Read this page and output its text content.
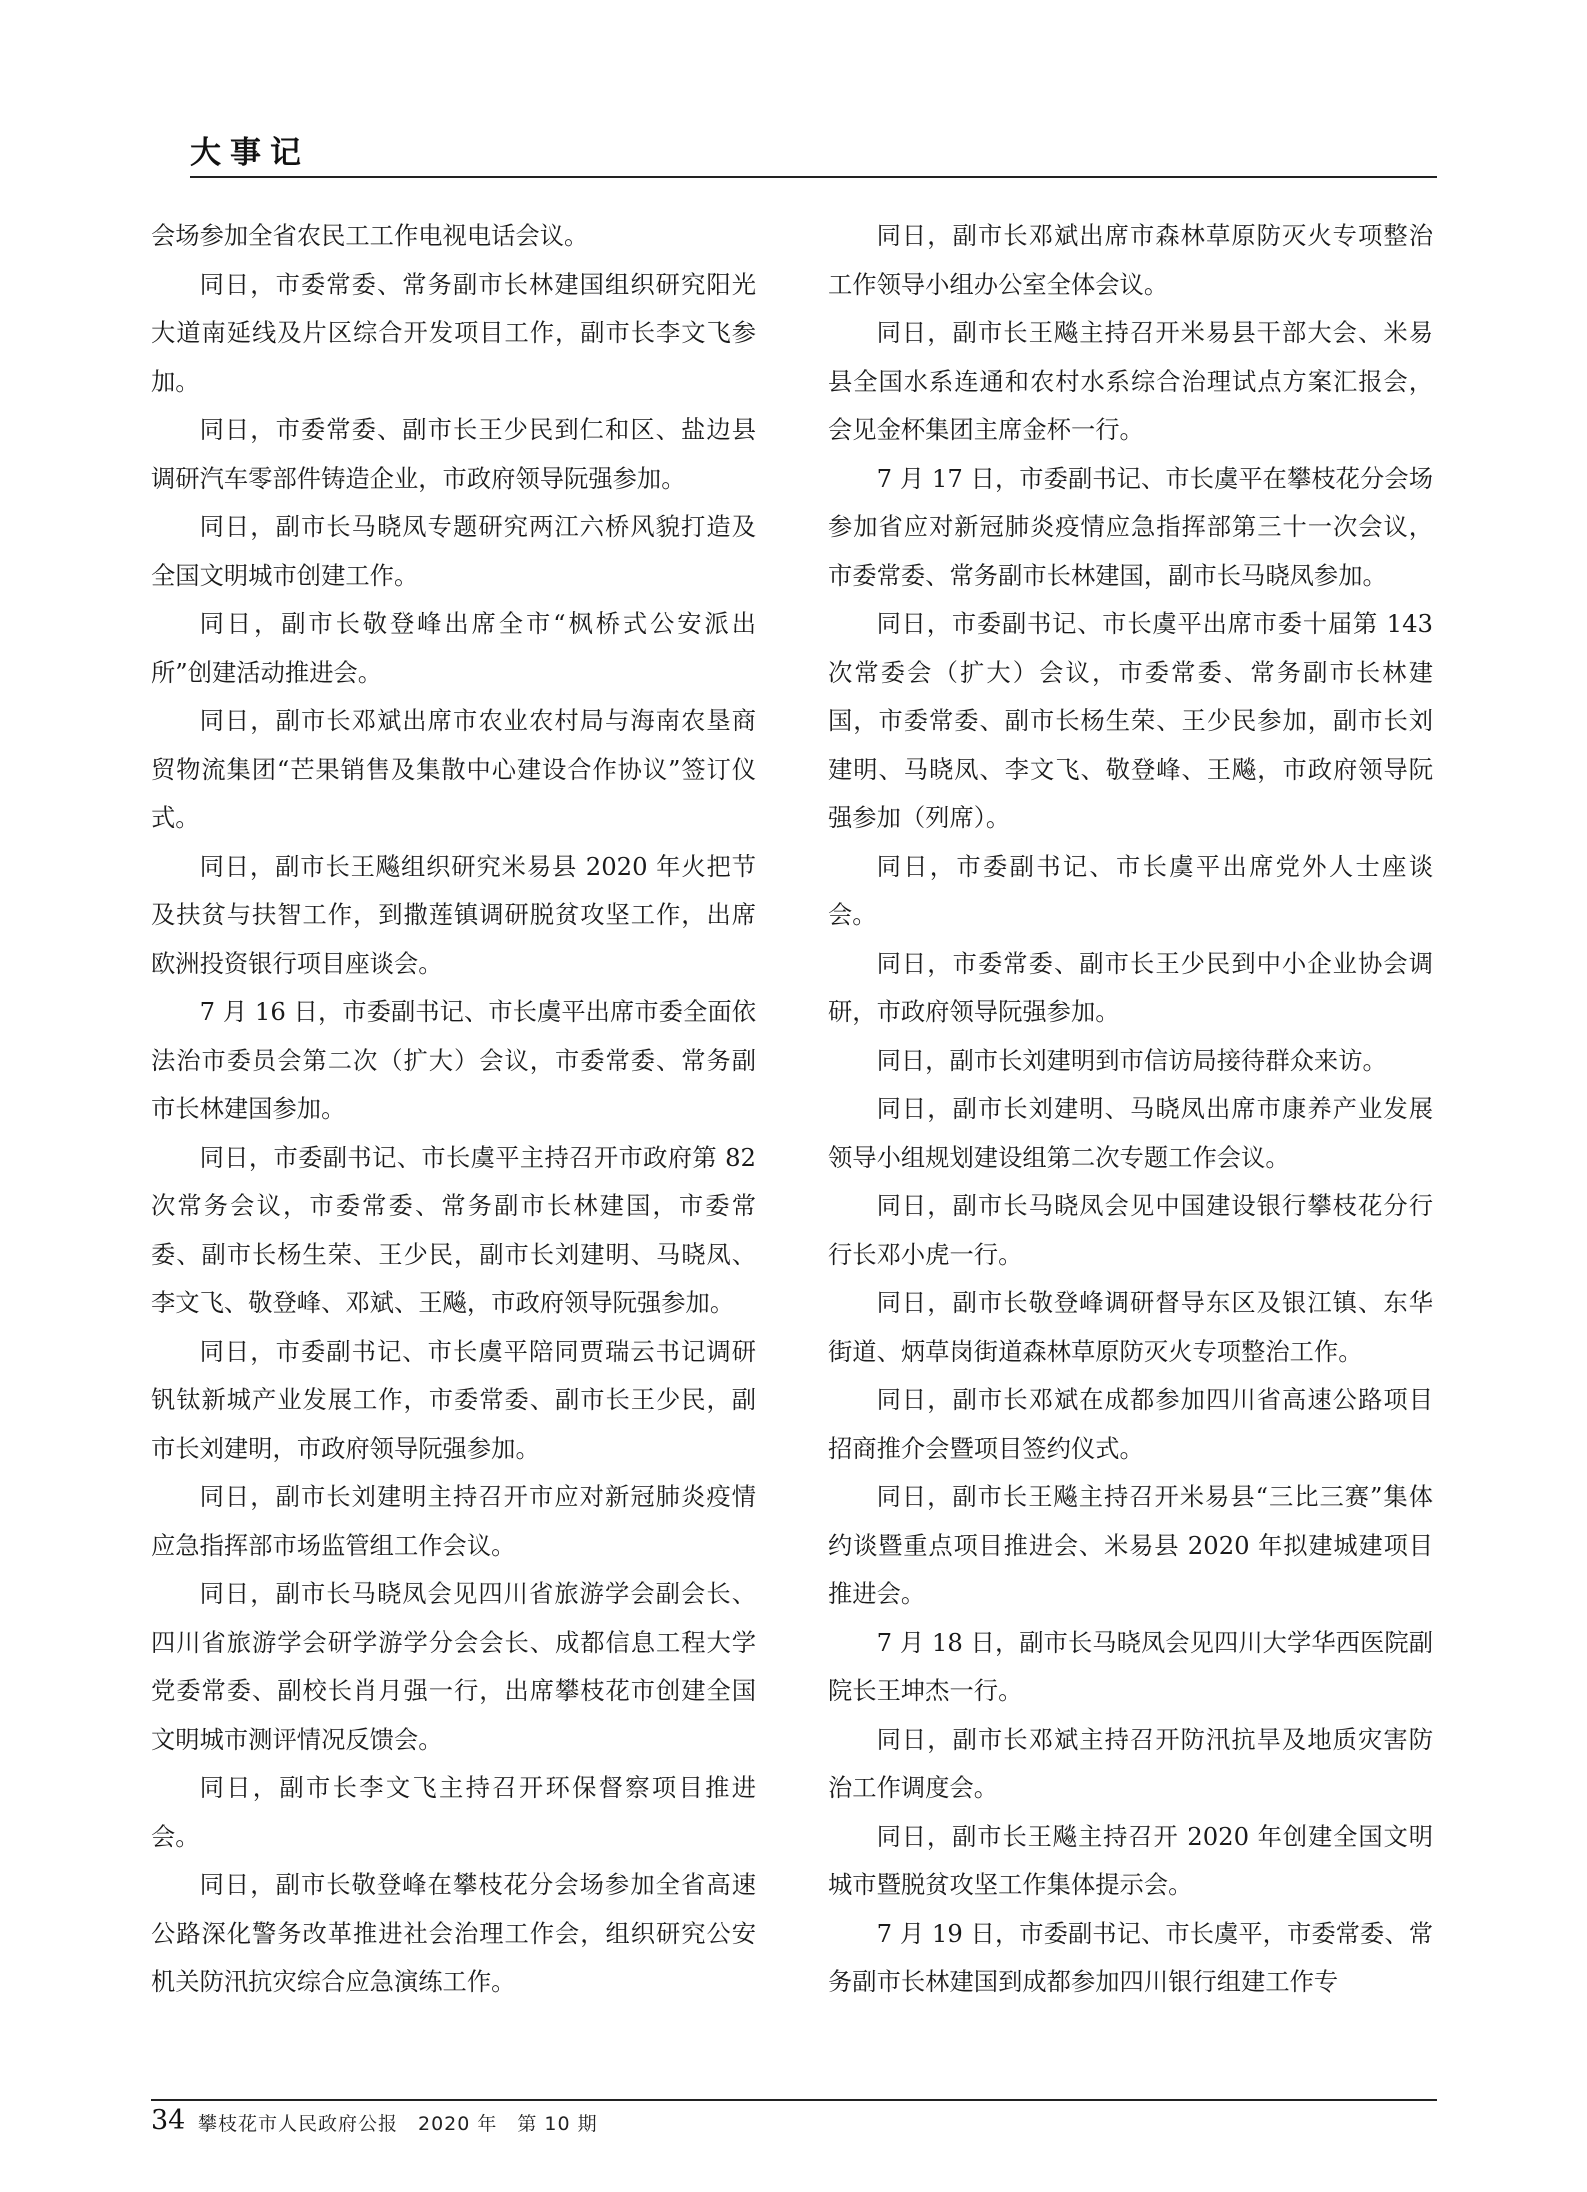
大事记

会场参加全省农民工工作电视电话会议。

同日，市委常委、常务副市长林建国组织研究阳光大道南延线及片区综合开发项目工作，副市长李文飞参加。

同日，市委常委、副市长王少民到仁和区、盐边县调研汽车零部件铸造企业，市政府领导阮强参加。

同日，副市长马晓凤专题研究两江六桥风貌打造及全国文明城市创建工作。

同日，副市长敬登峰出席全市“枫桥式公安派出所”创建活动推进会。

同日，副市长邓斌出席市农业农村局与海南农垦商贸物流集团“芒果销售及集散中心建设合作协议”签订仪式。

同日，副市长王飚组织研究米易县 2020 年火把节及扶贫与扶智工作，到撒莲镇调研脱贫攻坚工作，出席欧洲投资银行项目座谈会。

7 月 16 日，市委副书记、市长虞平出席市委全面依法治市委员会第二次（扩大）会议，市委常委、常务副市长林建国参加。

同日，市委副书记、市长虞平主持召开市政府第 82 次常务会议，市委常委、常务副市长林建国，市委常委、副市长杨生荣、王少民，副市长刘建明、马晓凤、李文飞、敬登峰、邓斌、王飚，市政府领导阮强参加。

同日，市委副书记、市长虞平陪同贾瑞云书记调研钒钛新城产业发展工作，市委常委、副市长王少民，副市长刘建明，市政府领导阮强参加。

同日，副市长刘建明主持召开市应对新冠肺炎疫情应急指挥部市场监管组工作会议。

同日，副市长马晓凤会见四川省旅游学会副会长、四川省旅游学会研学游学分会会长、成都信息工程大学党委常委、副校长肖月强一行，出席攀枝花市创建全国文明城市测评情况反馈会。

同日，副市长李文飞主持召开环保督察项目推进会。

同日，副市长敬登峰在攀枝花分会场参加全省高速公路深化警务改革推进社会治理工作会，组织研究公安机关防汛抗灾综合应急演练工作。

同日，副市长邓斌出席市森林草原防灭火专项整治工作领导小组办公室全体会议。

同日，副市长王飚主持召开米易县干部大会、米易县全国水系连通和农村水系综合治理试点方案汇报会，会见金杯集团主席金杯一行。

7 月 17 日，市委副书记、市长虞平在攀枝花分会场参加省应对新冠肺炎疫情应急指挥部第三十一次会议，市委常委、常务副市长林建国，副市长马晓凤参加。

同日，市委副书记、市长虞平出席市委十届第 143 次常委会（扩大）会议，市委常委、常务副市长林建国，市委常委、副市长杨生荣、王少民参加，副市长刘建明、马晓凤、李文飞、敬登峰、王飚，市政府领导阮强参加（列席）。

同日，市委副书记、市长虞平出席党外人士座谈会。

同日，市委常委、副市长王少民到中小企业协会调研，市政府领导阮强参加。

同日，副市长刘建明到市信访局接待群众来访。

同日，副市长刘建明、马晓凤出席市康养产业发展领导小组规划建设组第二次专题工作会议。

同日，副市长马晓凤会见中国建设银行攀枝花分行行长邓小虎一行。

同日，副市长敬登峰调研督导东区及银江镇、东华街道、炳草岗街道森林草原防灭火专项整治工作。

同日，副市长邓斌在成都参加四川省高速公路项目招商推介会暨项目签约仪式。

同日，副市长王飚主持召开米易县“三比三赛”集体约谈暨重点项目推进会、米易县 2020 年拟建城建项目推进会。

7 月 18 日，副市长马晓凤会见四川大学华西医院副院长王坤杰一行。

同日，副市长邓斌主持召开防汛抗旱及地质灾害防治工作调度会。

同日，副市长王飚主持召开 2020 年创建全国文明城市暨脱贫攻坚工作集体提示会。

7 月 19 日，市委副书记、市长虞平，市委常委、常务副市长林建国到成都参加四川银行组建工作专

34 攀枝花市人民政府公报　2020 年　第 10 期
